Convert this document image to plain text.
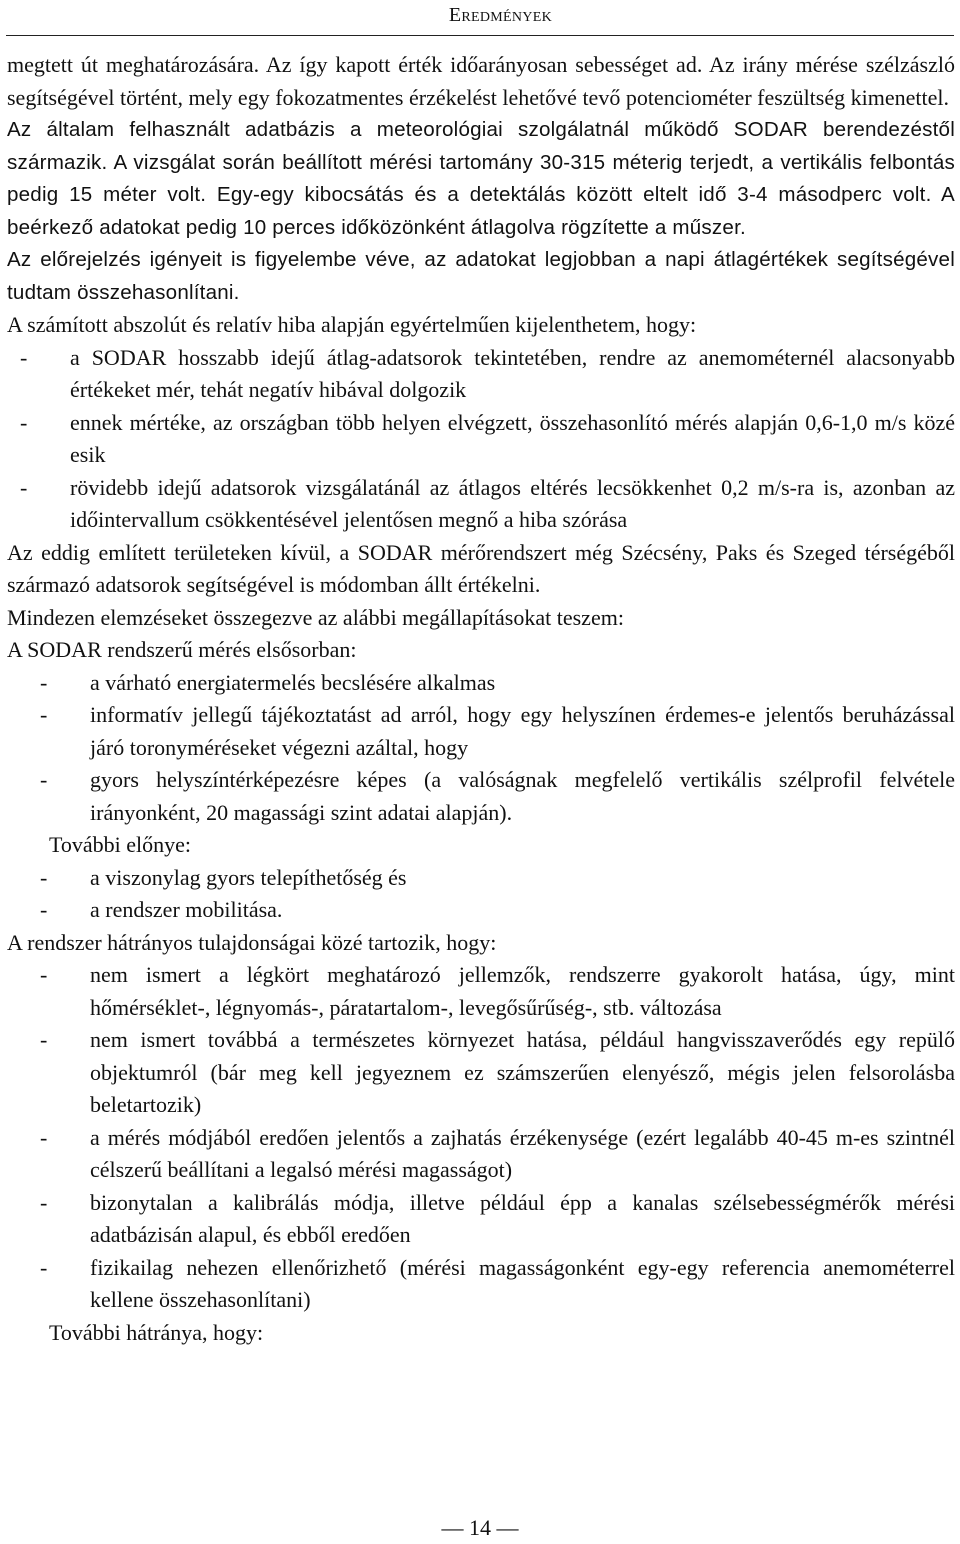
Eredmények

megtett út meghatározására. Az így kapott érték időarányosan sebességet ad. Az irány mérése szélzászló segítségével történt, mely egy fokozatmentes érzékelést lehetővé tevő potenciométer feszültség kimenettel.

Az általam felhasznált adatbázis a meteorológiai szolgálatnál működő SODAR berendezéstől származik. A vizsgálat során beállított mérési tartomány 30-315 méterig terjedt, a vertikális felbontás pedig 15 méter volt. Egy-egy kibocsátás és a detektálás között eltelt idő 3-4 másodperc volt. A beérkező adatokat pedig 10 perces időközönként átlagolva rögzítette a műszer.

Az előrejelzés igényeit is figyelembe véve, az adatokat legjobban a napi átlagértékek segítségével tudtam összehasonlítani.

A számított abszolút és relatív hiba alapján egyértelműen kijelenthetem, hogy:

- a SODAR hosszabb idejű átlag-adatsorok tekintetében, rendre az anemométernél alacsonyabb értékeket mér, tehát negatív hibával dolgozik
- ennek mértéke, az országban több helyen elvégzett, összehasonlító mérés alapján 0,6-1,0 m/s közé esik
- rövidebb idejű adatsorok vizsgálatánál az átlagos eltérés lecsökkenhet 0,2 m/s-ra is, azonban az időintervallum csökkentésével jelentősen megnő a hiba szórása

Az eddig említett területeken kívül, a SODAR mérőrendszert még Szécsény, Paks és Szeged térségéből származó adatsorok segítségével is módomban állt értékelni.

Mindezen elemzéseket összegezve az alábbi megállapításokat teszem:

A SODAR rendszerű mérés elsősorban:

- a várható energiatermelés becslésére alkalmas
- informatív jellegű tájékoztatást ad arról, hogy egy helyszínen érdemes-e jelentős beruházással járó toronyméréseket végezni azáltal, hogy
- gyors helyszíntérképezésre képes (a valóságnak megfelelő vertikális szélprofil felvétele irányonként, 20 magassági szint adatai alapján).

További előnye:

- a viszonylag gyors telepíthetőség és
- a rendszer mobilitása.

A rendszer hátrányos tulajdonságai közé tartozik, hogy:

- nem ismert a légkört meghatározó jellemzők, rendszerre gyakorolt hatása, úgy, mint hőmérséklet-, légnyomás-, páratartalom-, levegősűrűség-, stb. változása
- nem ismert továbbá a természetes környezet hatása, például hangvisszaverődés egy repülő objektumról (bár meg kell jegyeznem ez számszerűen elenyésző, mégis jelen felsorolásba beletartozik)
- a mérés módjából eredően jelentős a zajhatás érzékenysége (ezért legalább 40-45 m-es szintnél célszerű beállítani a legalsó mérési magasságot)
- bizonytalan a kalibrálás módja, illetve például épp a kanalas szélsebességmérők mérési adatbázisán alapul, és ebből eredően
- fizikailag nehezen ellenőrizhető (mérési magasságonként egy-egy referencia anemométerrel kellene összehasonlítani)

További hátránya, hogy:

— 14 —
